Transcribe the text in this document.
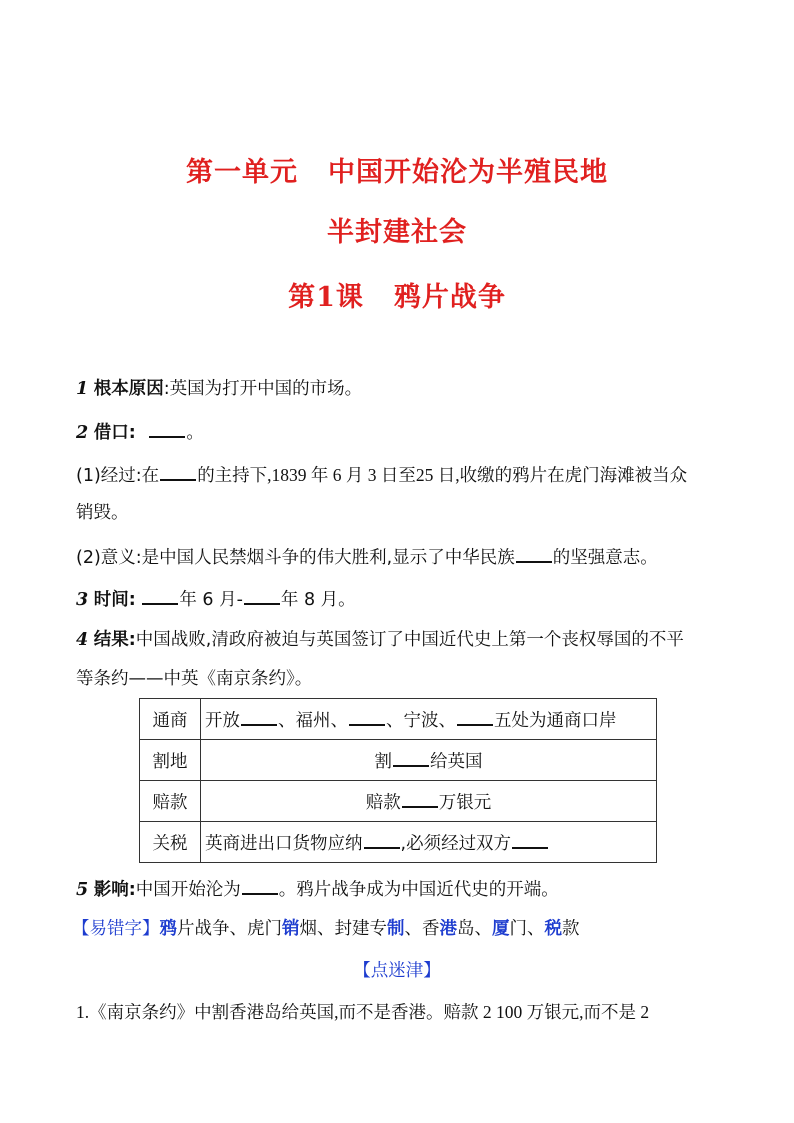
第一单元 中国开始沦为半殖民地
半封建社会
第1课 鸦片战争
1 根本原因:英国为打开中国的市场。
2 借口:	。
(1)经过:在 的主持下,1839 年 6 月 3 日至25 日,收缴的鸦片在虎门海滩被当众
销毁。
(2)意义:是中国人民禁烟斗争的伟大胜利,显示了中华民族 的坚强意志。
3 时间: 年 6 月- 年 8 月。
4 结果:中国战败,清政府被迫与英国签订了中国近代史上第一个丧权辱国的不平
等条约——中英《南京条约》。
通商	开放 、福州、 、宁波、 五处为通商口岸
割地	割 给英国
赔款	赔款 万银元
关税	英商进出口货物应纳 ,必须经过双方
5 影响:中国开始沦为 。鸦片战争成为中国近代史的开端。
【易错字】鸦片战争、虎门销烟、封建专制、香港岛、厦门、税款
【点迷津】
1.《南京条约》中割香港岛给英国,而不是香港。赔款 2 100 万银元,而不是 2
